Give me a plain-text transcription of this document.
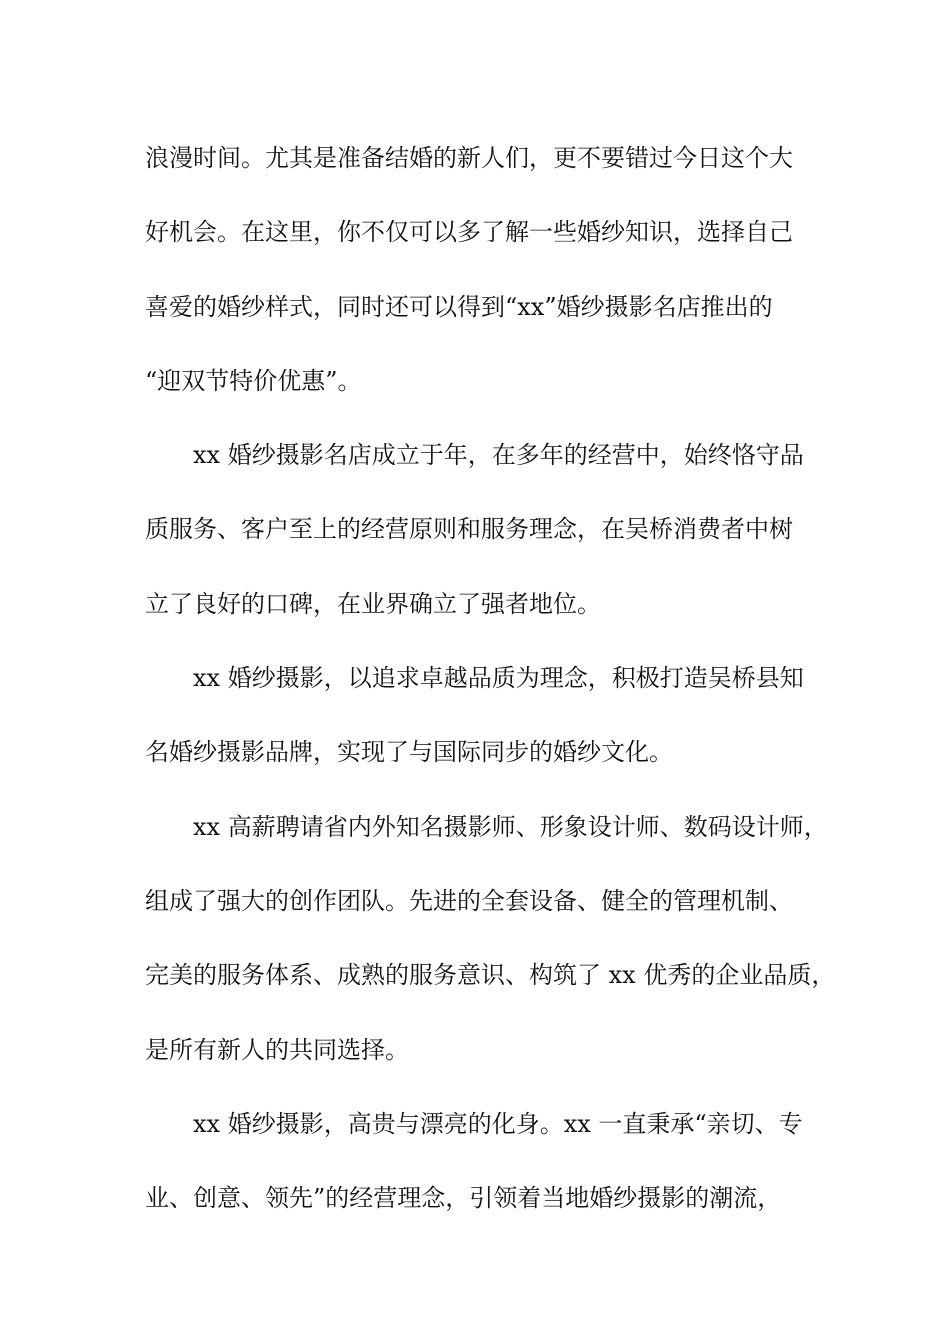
浪漫时间。尤其是准备结婚的新人们，更不要错过今日这个大
好机会。在这里，你不仅可以多了解一些婚纱知识，选择自己
喜爱的婚纱样式，同时还可以得到“xx”婚纱摄影名店推出的
“迎双节特价优惠”。

xx 婚纱摄影名店成立于年，在多年的经营中，始终恪守品
质服务、客户至上的经营原则和服务理念，在吴桥消费者中树
立了良好的口碑，在业界确立了强者地位。

xx 婚纱摄影，以追求卓越品质为理念，积极打造吴桥县知
名婚纱摄影品牌，实现了与国际同步的婚纱文化。

xx 高薪聘请省内外知名摄影师、形象设计师、数码设计师，
组成了强大的创作团队。先进的全套设备、健全的管理机制、
完美的服务体系、成熟的服务意识、构筑了 xx 优秀的企业品质，
是所有新人的共同选择。

xx 婚纱摄影，高贵与漂亮的化身。xx 一直秉承“亲切、专
业、创意、领先”的经营理念，引领着当地婚纱摄影的潮流，
